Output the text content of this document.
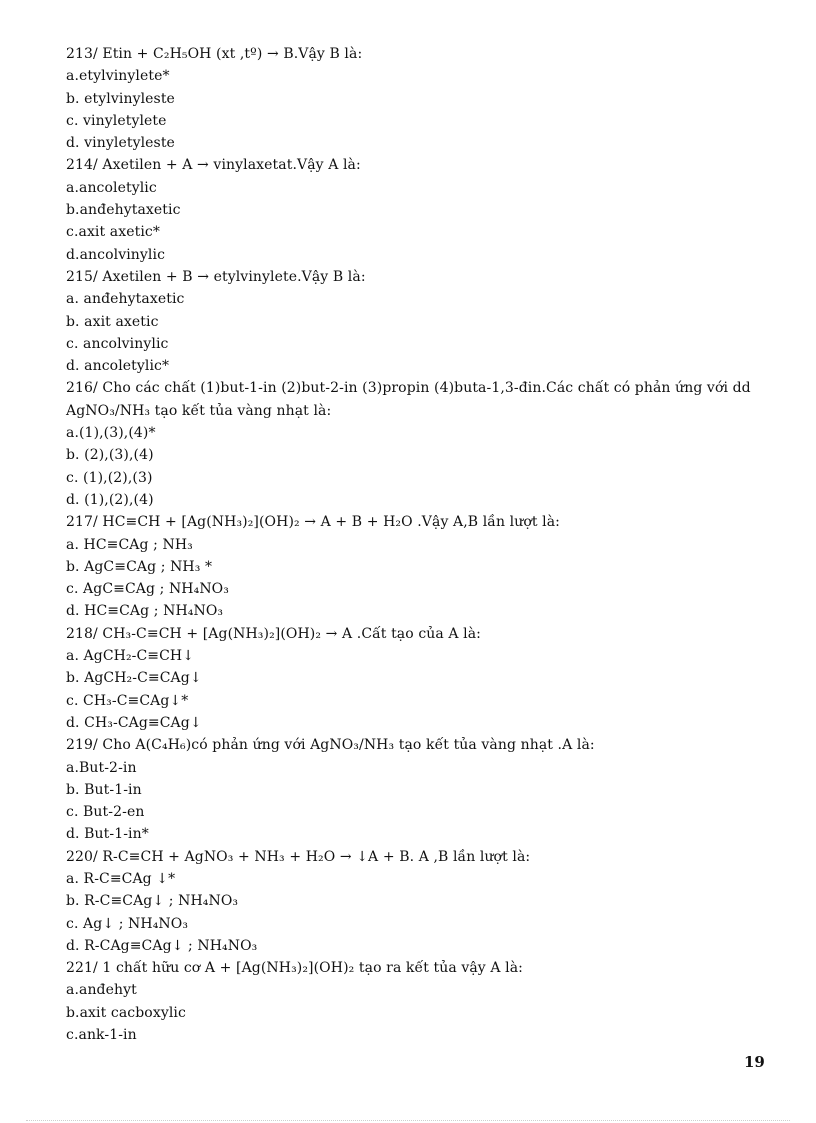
213/ Etin + C₂H₅OH (xt ,tº) → B.Vậy B là:
a.etylvinylete*
b. etylvinyleste
c. vinyletylete
d. vinyletyleste
214/ Axetilen + A → vinylaxetat.Vậy A là:
a.ancoletylic
b.anđehytaxetic
c.axit axetic*
d.ancolvinylic
215/ Axetilen + B → etylvinylete.Vậy B là:
a. anđehytaxetic
b. axit axetic
c. ancolvinylic
d. ancoletylic*
216/ Cho các chất (1)but-1-in (2)but-2-in (3)propin (4)buta-1,3-đin.Các chất có phản ứng với dd
AgNO₃/NH₃ tạo kết tủa vàng nhạt là:
a.(1),(3),(4)*
b. (2),(3),(4)
c. (1),(2),(3)
d. (1),(2),(4)
217/ HC≡CH + [Ag(NH₃)₂](OH)₂ → A + B + H₂O .Vậy A,B lần lượt là:
a. HC≡CAg ; NH₃
b. AgC≡CAg ; NH₃ *
c. AgC≡CAg ; NH₄NO₃
d. HC≡CAg ; NH₄NO₃
218/ CH₃-C≡CH + [Ag(NH₃)₂](OH)₂ → A .Cất tạo của A là:
a. AgCH₂-C≡CH↓
b. AgCH₂-C≡CAg↓
c. CH₃-C≡CAg↓*
d. CH₃-CAg≡CAg↓
219/ Cho A(C₄H₆)có phản ứng với AgNO₃/NH₃ tạo kết tủa vàng nhạt .A là:
a.But-2-in
b. But-1-in
c. But-2-en
d. But-1-in*
220/ R-C≡CH + AgNO₃ + NH₃ + H₂O → ↓A + B. A ,B lần lượt là:
a. R-C≡CAg ↓*
b. R-C≡CAg↓ ; NH₄NO₃
c. Ag↓ ; NH₄NO₃
d. R-CAg≡CAg↓ ; NH₄NO₃
221/ 1 chất hữu cơ A + [Ag(NH₃)₂](OH)₂ tạo ra kết tủa vậy A là:
a.anđehyt
b.axit cacboxylic
c.ank-1-in
19
